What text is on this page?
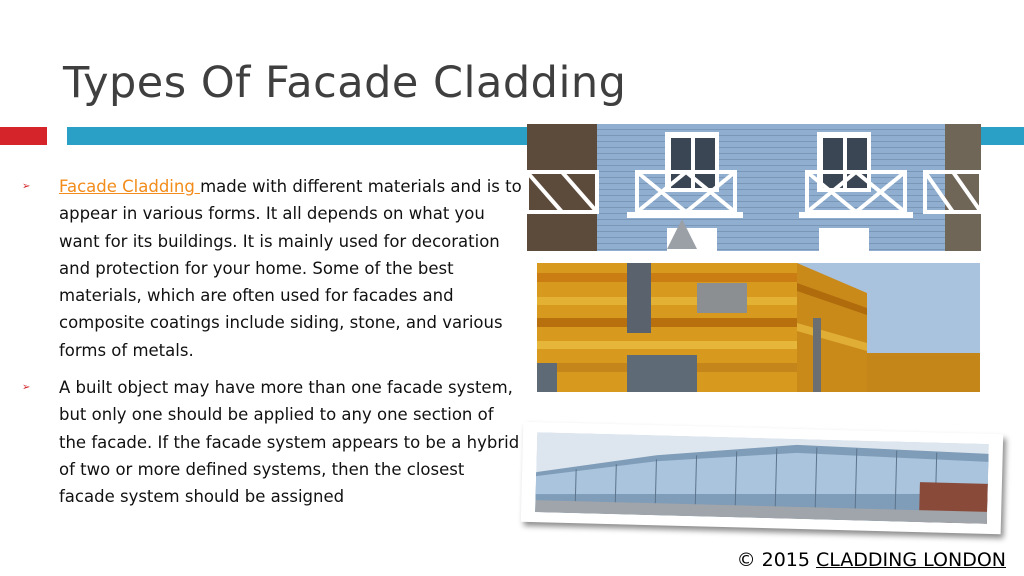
Types Of Facade Cladding
➢ Facade Cladding made with different materials and is to appear in various forms. It all depends on what you want for its buildings. It is mainly used for decoration and protection for your home. Some of the best materials, which are often used for facades and composite coatings include siding, stone, and various forms of metals.
➢ A built object may have more than one facade system, but only one should be applied to any one section of the facade. If the facade system appears to be a hybrid of two or more defined systems, then the closest facade system should be assigned
© 2015 CLADDING LONDON
